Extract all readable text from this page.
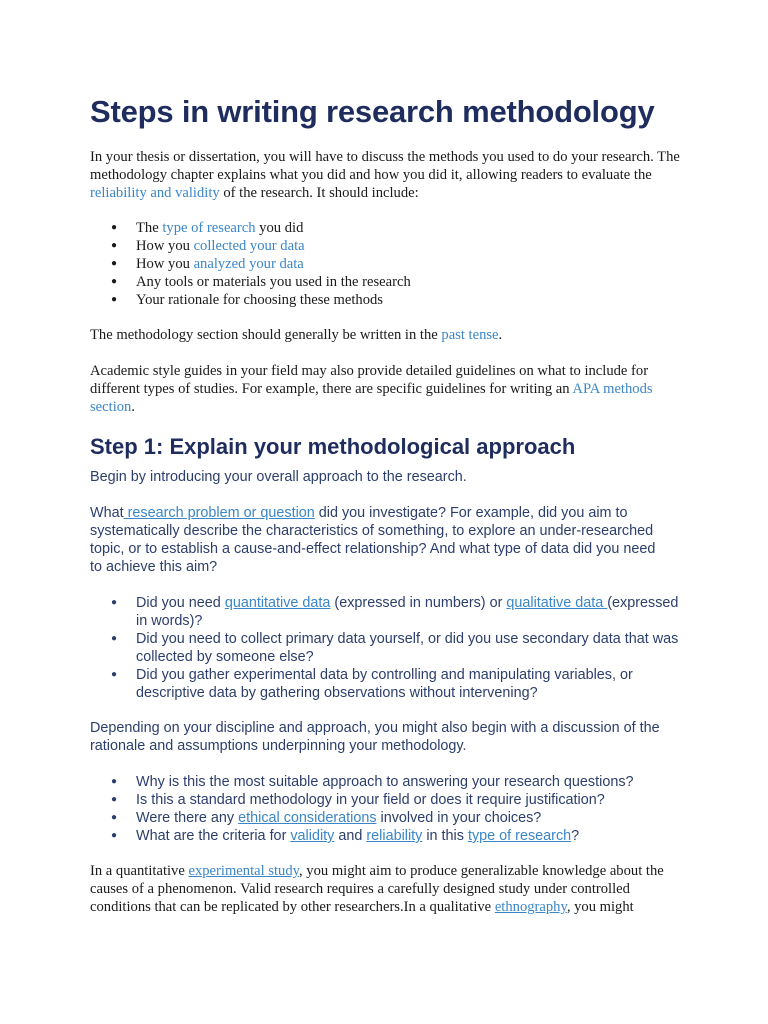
Steps in writing research methodology

In your thesis or dissertation, you will have to discuss the methods you used to do your research. The methodology chapter explains what you did and how you did it, allowing readers to evaluate the reliability and validity of the research. It should include:

● The type of research you did
● How you collected your data
● How you analyzed your data
● Any tools or materials you used in the research
● Your rationale for choosing these methods

The methodology section should generally be written in the past tense.

Academic style guides in your field may also provide detailed guidelines on what to include for different types of studies. For example, there are specific guidelines for writing an APA methods section.

Step 1: Explain your methodological approach

Begin by introducing your overall approach to the research.

What research problem or question did you investigate? For example, did you aim to systematically describe the characteristics of something, to explore an under-researched topic, or to establish a cause-and-effect relationship? And what type of data did you need to achieve this aim?

● Did you need quantitative data (expressed in numbers) or qualitative data (expressed in words)?
● Did you need to collect primary data yourself, or did you use secondary data that was collected by someone else?
● Did you gather experimental data by controlling and manipulating variables, or descriptive data by gathering observations without intervening?

Depending on your discipline and approach, you might also begin with a discussion of the rationale and assumptions underpinning your methodology.

● Why is this the most suitable approach to answering your research questions?
● Is this a standard methodology in your field or does it require justification?
● Were there any ethical considerations involved in your choices?
● What are the criteria for validity and reliability in this type of research?

In a quantitative experimental study, you might aim to produce generalizable knowledge about the causes of a phenomenon. Valid research requires a carefully designed study under controlled conditions that can be replicated by other researchers.In a qualitative ethnography, you might
